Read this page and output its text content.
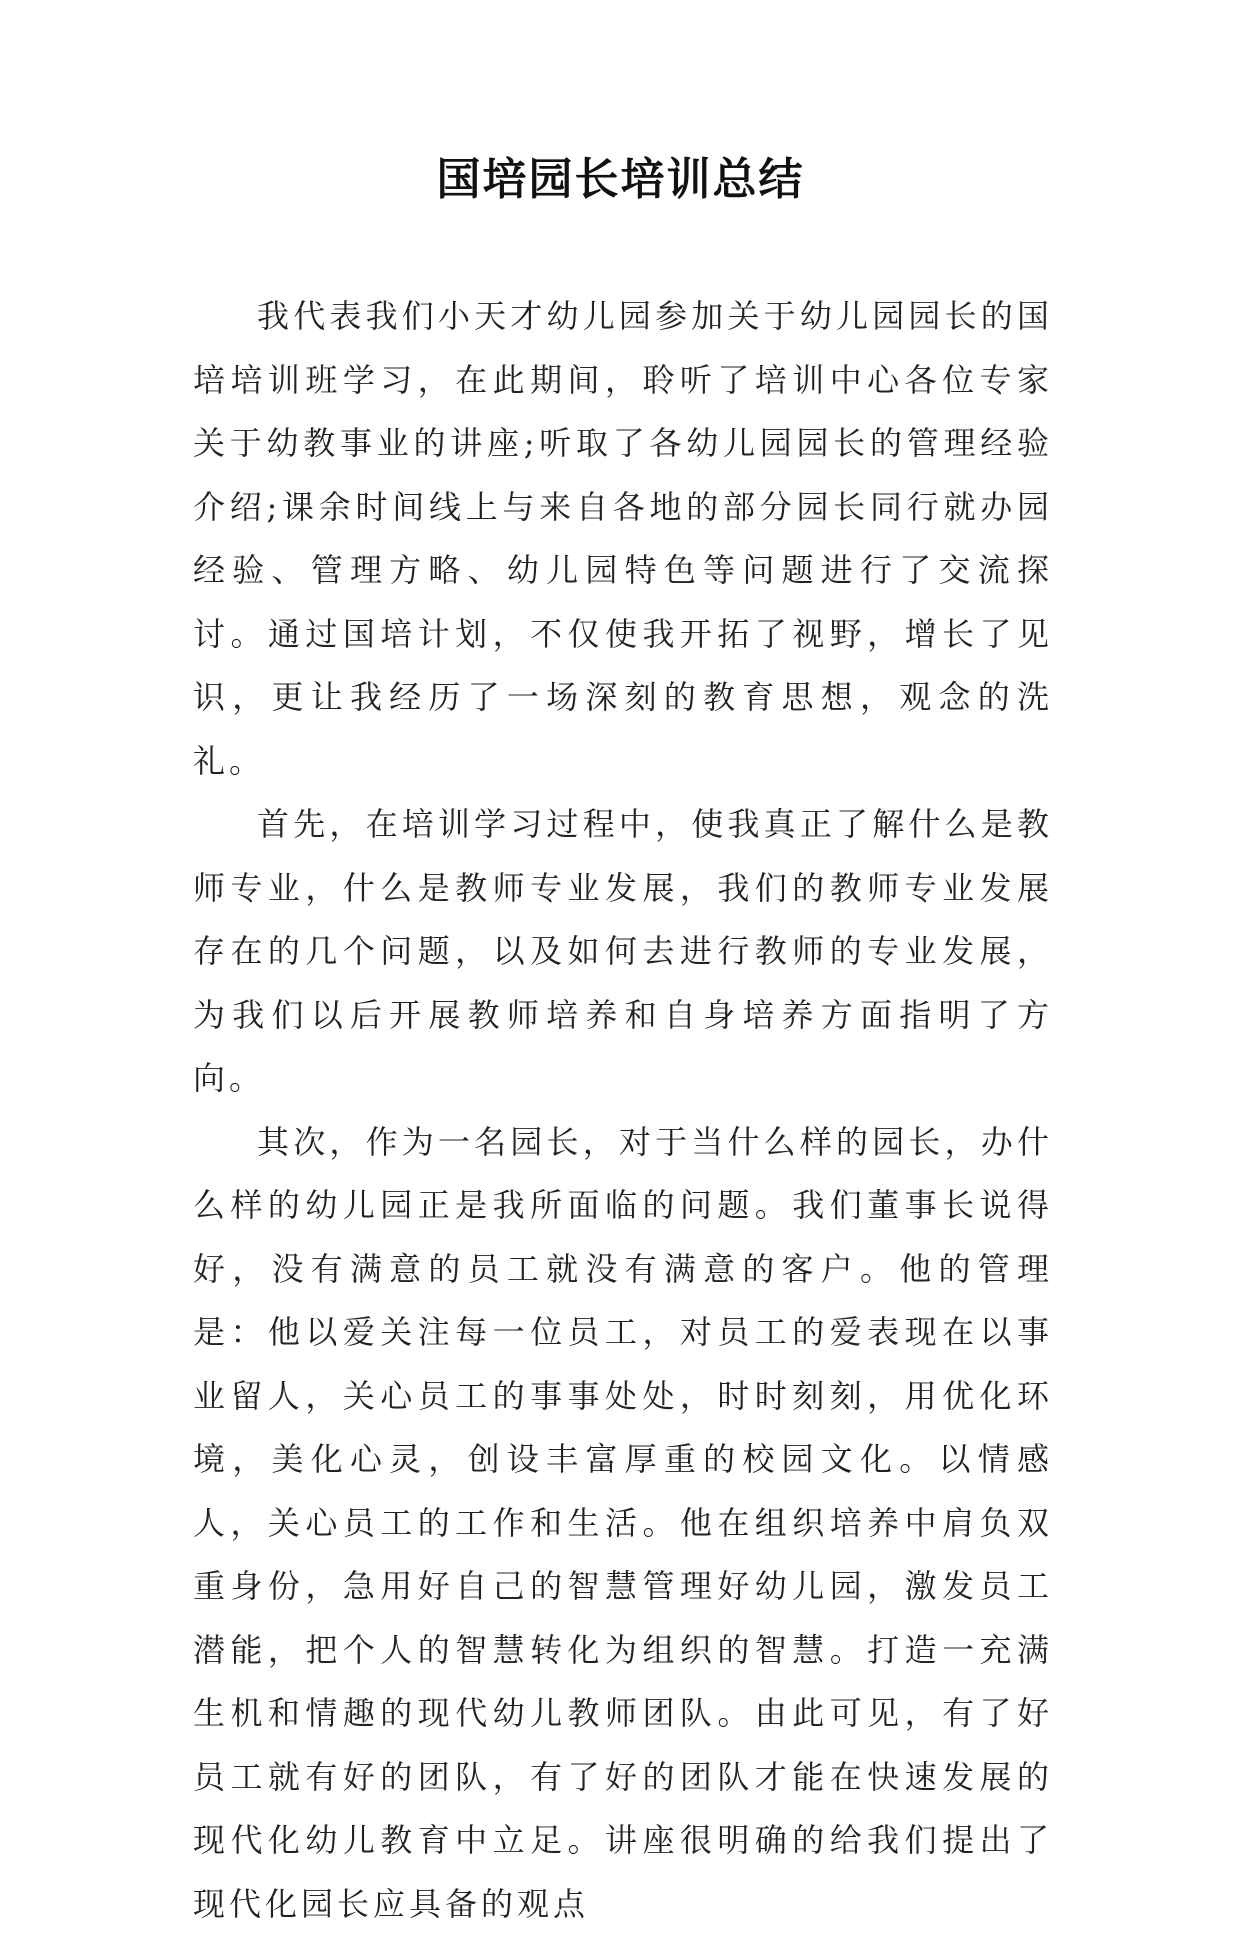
国培园长培训总结

我代表我们小天才幼儿园参加关于幼儿园园长的国培培训班学习，在此期间，聆听了培训中心各位专家关于幼教事业的讲座;听取了各幼儿园园长的管理经验介绍;课余时间线上与来自各地的部分园长同行就办园经验、管理方略、幼儿园特色等问题进行了交流探讨。通过国培计划，不仅使我开拓了视野，增长了见识，更让我经历了一场深刻的教育思想，观念的洗礼。

首先，在培训学习过程中，使我真正了解什么是教师专业，什么是教师专业发展，我们的教师专业发展存在的几个问题，以及如何去进行教师的专业发展，为我们以后开展教师培养和自身培养方面指明了方向。

其次，作为一名园长，对于当什么样的园长，办什么样的幼儿园正是我所面临的问题。我们董事长说得好，没有满意的员工就没有满意的客户。他的管理是：他以爱关注每一位员工，对员工的爱表现在以事业留人，关心员工的事事处处，时时刻刻，用优化环境，美化心灵，创设丰富厚重的校园文化。以情感人，关心员工的工作和生活。他在组织培养中肩负双重身份，急用好自己的智慧管理好幼儿园，激发员工潜能，把个人的智慧转化为组织的智慧。打造一充满生机和情趣的现代幼儿教师团队。由此可见，有了好员工就有好的团队，有了好的团队才能在快速发展的现代化幼儿教育中立足。讲座很明确的给我们提出了现代化园长应具备的观点
